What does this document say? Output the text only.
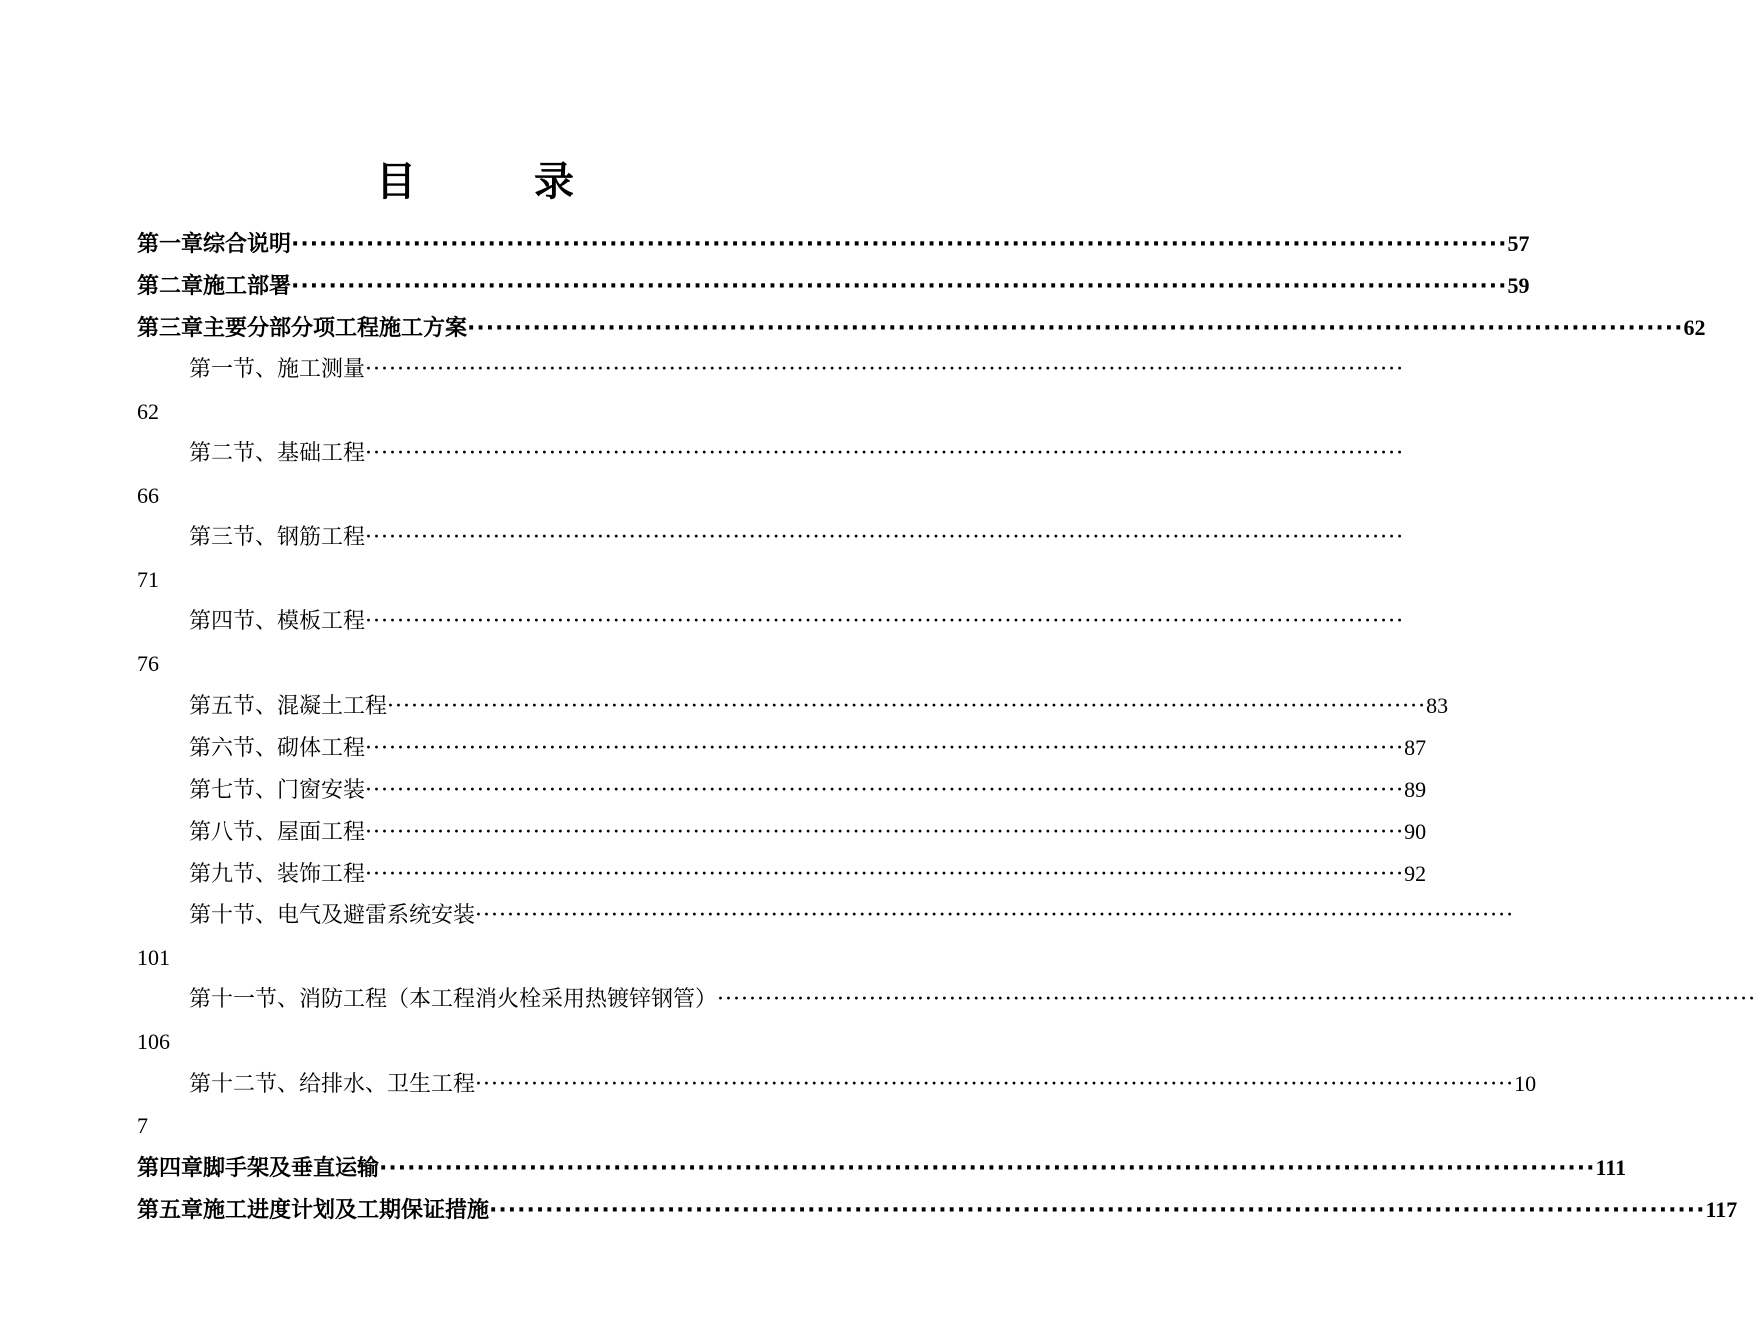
目	录
第一章 综合说明 ·································································································································· 57
第二章 施工部署 ·································································································································· 59
第三章 主要分部分项工程施工方案 ·································································································································· 62
第一节、施工测量 ··································································································································
62
第二节、基础工程 ··································································································································
66
第三节、钢筋工程 ··································································································································
71
第四节、模板工程 ··································································································································
76
第五节、混凝土工程 ·································································································································· 83
第六节、砌体工程 ·································································································································· 87
第七节、门窗安装 ·································································································································· 89
第八节、屋面工程 ·································································································································· 90
第九节、装饰工程 ·································································································································· 92
第十节、电气及避雷系统安装 ··································································································································
101
第十一节、消防工程（本工程消火栓采用热镀锌钢管） ··································································································································
106
第十二节、给排水、卫生工程 ·································································································································· 10
7
第四章 脚手架及垂直运输 ·································································································································· 111
第五章 施工进度计划及工期保证措施 ·································································································································· 117
